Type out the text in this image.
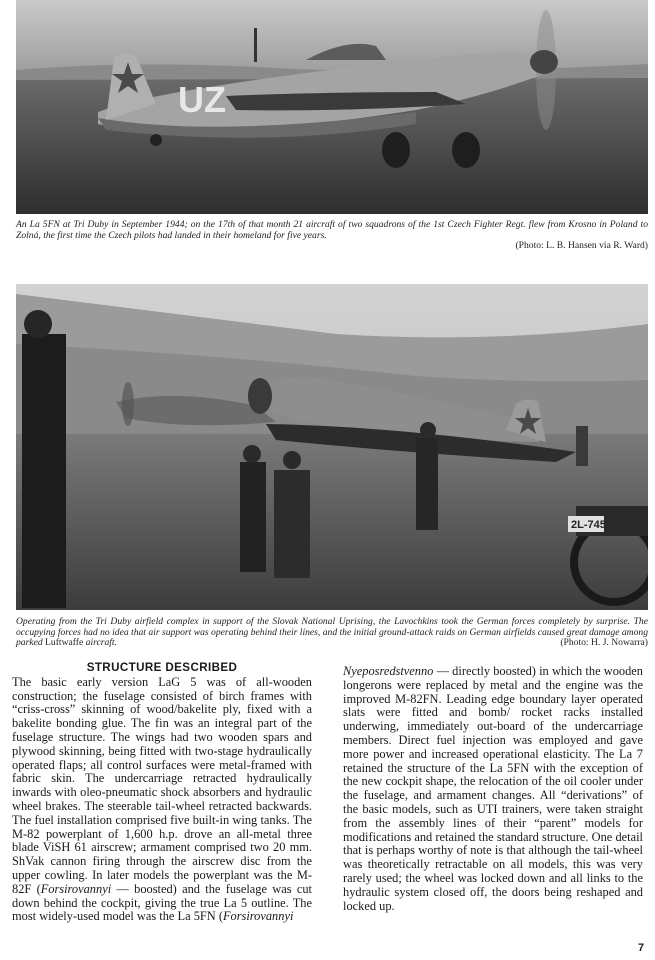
UZ
An La 5FN at Tri Duby in September 1944; on the 17th of that month 21 aircraft of two squadrons of the 1st Czech Fighter Regt. flew from Krosno in Poland to Zolná, the first time the Czech pilots had landed in their homeland for five years.
(Photo: L. B. Hansen via R. Ward)
2L-745
Operating from the Tri Duby airfield complex in support of the Slovak National Uprising, the Lavochkins took the German forces completely by surprise. The occupying forces had no idea that air support was operating behind their lines, and the initial ground-attack raids on German airfields caused great damage among parked Luftwaffe aircraft.	(Photo: H. J. Nowarra)
STRUCTURE DESCRIBED

The basic early version LaG 5 was of all-wooden construction; the fuselage consisted of birch frames with “criss-cross” skinning of wood/bakelite ply, fixed with a bakelite bonding glue. The fin was an integral part of the fuselage structure. The wings had two wooden spars and plywood skinning, being fitted with two-stage hydraulically operated flaps; all control surfaces were metal-framed with fabric skin. The undercarriage retracted hydraulically inwards with oleo-pneumatic shock absorbers and hydraulic wheel brakes. The steerable tail-wheel retracted backwards. The fuel installation comprised five built-in wing tanks. The M-82 powerplant of 1,600 h.p. drove an all-metal three blade ViSH 61 airscrew; armament comprised two 20 mm. ShVak cannon firing through the airscrew disc from the upper cowling. In later models the powerplant was the M-82F (Forsirovannyi — boosted) and the fuselage was cut down behind the cockpit, giving the true La 5 outline. The most widely-used model was the La 5FN (Forsirovannyi

Nyeposredstvenno — directly boosted) in which the wooden longerons were replaced by metal and the engine was the improved M-82FN. Leading edge boundary layer operated slats were fitted and bomb/ rocket racks installed underwing, immediately out-board of the undercarriage members. Direct fuel injection was employed and gave more power and increased operational elasticity. The La 7 retained the structure of the La 5FN with the exception of the new cockpit shape, the relocation of the oil cooler under the fuselage, and armament changes. All “derivations” of the basic models, such as UTI trainers, were taken straight from the assembly lines of their “parent” models for modifications and retained the standard structure. One detail that is perhaps worthy of note is that although the tail-wheel was theoretically retractable on all models, this was very rarely used; the wheel was locked down and all links to the hydraulic system closed off, the doors being reshaped and locked up.

7
